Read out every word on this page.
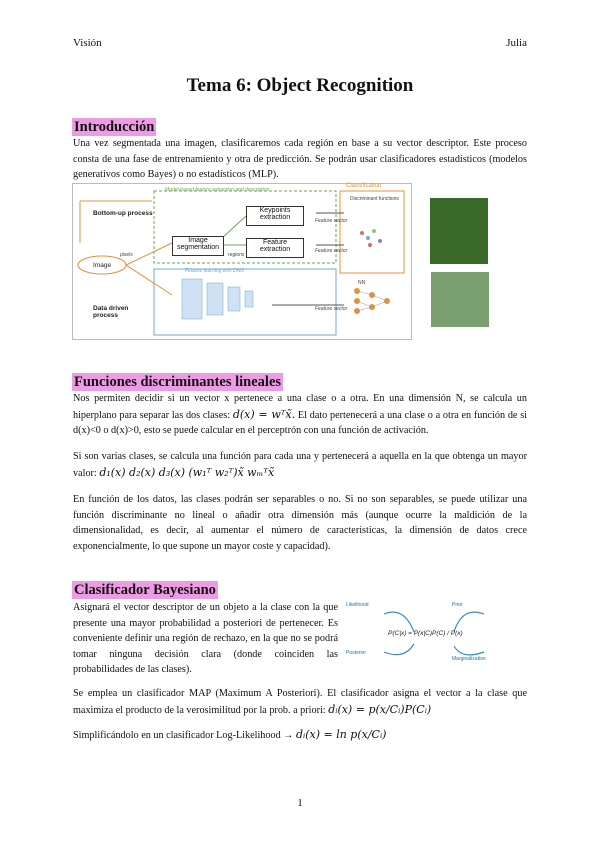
Visión	Julia
Tema 6: Object Recognition
Introducción

Una vez segmentada una imagen, clasificaremos cada región en base a su vector descriptor. Este proceso consta de una fase de entrenamiento y otra de predicción. Se podrán usar clasificadores estadísticos (modelos generativos como Bayes) o no estadísticos (MLP).

Model-based feature extraction and description
Classification
Bottom-up process
Data driven process
Image
pixels	regions
Image segmentation
Keypoints extraction
Feature extraction
Feature vector
Feature vector
Feature vector
Discriminant functions
Feature learning with DNN
NN
Funciones discriminantes lineales

Nos permiten decidir si un vector x pertenece a una clase o a otra. En una dimensión N, se calcula un hiperplano para separar las dos clases: d(x) = wᵀx̃. El dato pertenecerá a una clase o a otra en función de si d(x)<0 o d(x)>0, esto se puede calcular en el perceptrón con una función de activación.

Si son varias clases, se calcula una función para cada una y pertenecerá a aquella en la que obtenga un mayor valor: d₁(x) d₂(x) d₃(x) (w₁ᵀ w₂ᵀ)x̃ wₘᵀx̃

En función de los datos, las clases podrán ser separables o no. Si no son separables, se puede utilizar una función discriminante no lineal o añadir otra dimensión más (aunque ocurre la maldición de la dimensionalidad, es decir, al aumentar el número de características, la dimensión de datos crece exponencialmente, lo que supone un mayor coste y capacidad).

Clasificador Bayesiano

Asignará el vector descriptor de un objeto a la clase con la que presente una mayor probabilidad a posteriori de pertenecer. Es conveniente definir una región de rechazo, en la que no se podrá tomar ninguna decisión clara (donde coinciden las probabilidades de las clases).

Likelihood	Prior
Posterior
Marginalization
P(C|x) = P(x|C)P(C) / P(x)

Se emplea un clasificador MAP (Maximum A Posteriori). El clasificador asigna el vector a la clase que maximiza el producto de la verosimilitud por la prob. a priori: dᵢ(x) = p(x/Cᵢ)P(Cᵢ)

Simplificándolo en un clasificador Log-Likelihood → dᵢ(x) = ln p(x/Cᵢ)

1
